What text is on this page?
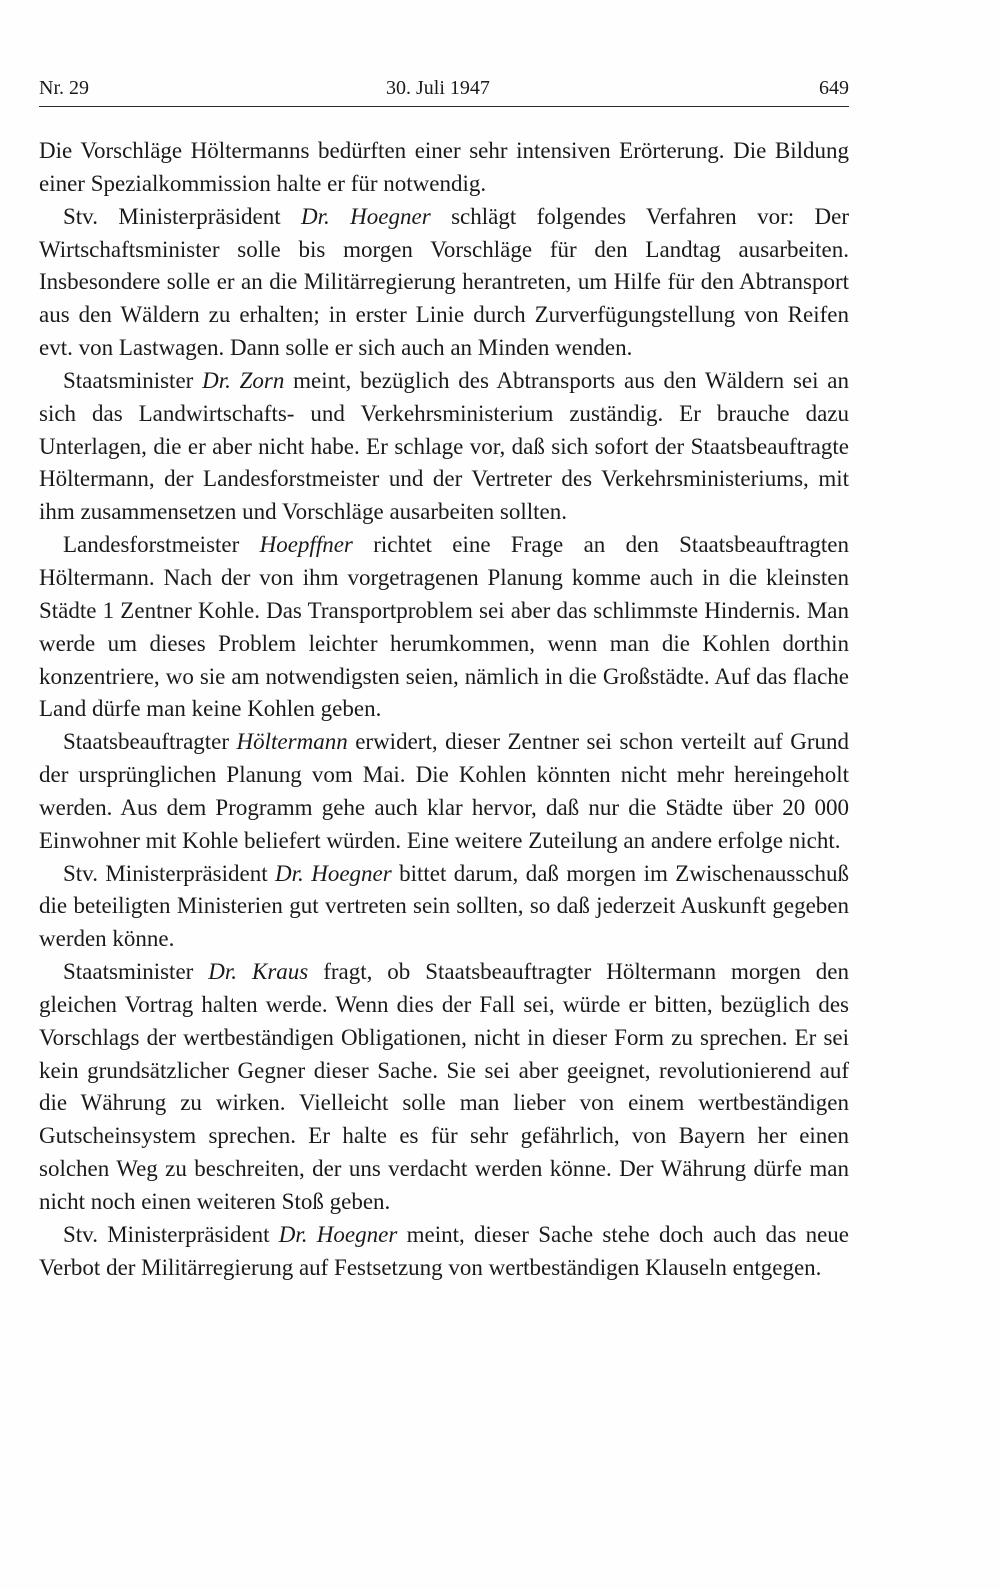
Nr. 29	30. Juli 1947	649

Die Vorschläge Höltermanns bedürften einer sehr intensiven Erörterung. Die Bildung einer Spezialkommission halte er für notwendig.

Stv. Ministerpräsident Dr. Hoegner schlägt folgendes Verfahren vor: Der Wirtschaftsminister solle bis morgen Vorschläge für den Landtag ausarbeiten. Insbesondere solle er an die Militärregierung herantreten, um Hilfe für den Abtransport aus den Wäldern zu erhalten; in erster Linie durch Zurverfügungstellung von Reifen evt. von Lastwagen. Dann solle er sich auch an Minden wenden.

Staatsminister Dr. Zorn meint, bezüglich des Abtransports aus den Wäldern sei an sich das Landwirtschafts- und Verkehrsministerium zuständig. Er brauche dazu Unterlagen, die er aber nicht habe. Er schlage vor, daß sich sofort der Staatsbeauftragte Höltermann, der Landesforstmeister und der Vertreter des Verkehrsministeriums, mit ihm zusammensetzen und Vorschläge ausarbeiten sollten.

Landesforstmeister Hoepffner richtet eine Frage an den Staatsbeauftragten Höltermann. Nach der von ihm vorgetragenen Planung komme auch in die kleinsten Städte 1 Zentner Kohle. Das Transportproblem sei aber das schlimmste Hindernis. Man werde um dieses Problem leichter herumkommen, wenn man die Kohlen dorthin konzentriere, wo sie am notwendigsten seien, nämlich in die Großstädte. Auf das flache Land dürfe man keine Kohlen geben.

Staatsbeauftragter Höltermann erwidert, dieser Zentner sei schon verteilt auf Grund der ursprünglichen Planung vom Mai. Die Kohlen könnten nicht mehr hereingeholt werden. Aus dem Programm gehe auch klar hervor, daß nur die Städte über 20 000 Einwohner mit Kohle beliefert würden. Eine weitere Zuteilung an andere erfolge nicht.

Stv. Ministerpräsident Dr. Hoegner bittet darum, daß morgen im Zwischenausschuß die beteiligten Ministerien gut vertreten sein sollten, so daß jederzeit Auskunft gegeben werden könne.

Staatsminister Dr. Kraus fragt, ob Staatsbeauftragter Höltermann morgen den gleichen Vortrag halten werde. Wenn dies der Fall sei, würde er bitten, bezüglich des Vorschlags der wertbeständigen Obligationen, nicht in dieser Form zu sprechen. Er sei kein grundsätzlicher Gegner dieser Sache. Sie sei aber geeignet, revolutionierend auf die Währung zu wirken. Vielleicht solle man lieber von einem wertbeständigen Gutscheinsystem sprechen. Er halte es für sehr gefährlich, von Bayern her einen solchen Weg zu beschreiten, der uns verdacht werden könne. Der Währung dürfe man nicht noch einen weiteren Stoß geben.

Stv. Ministerpräsident Dr. Hoegner meint, dieser Sache stehe doch auch das neue Verbot der Militärregierung auf Festsetzung von wertbeständigen Klauseln entgegen.
